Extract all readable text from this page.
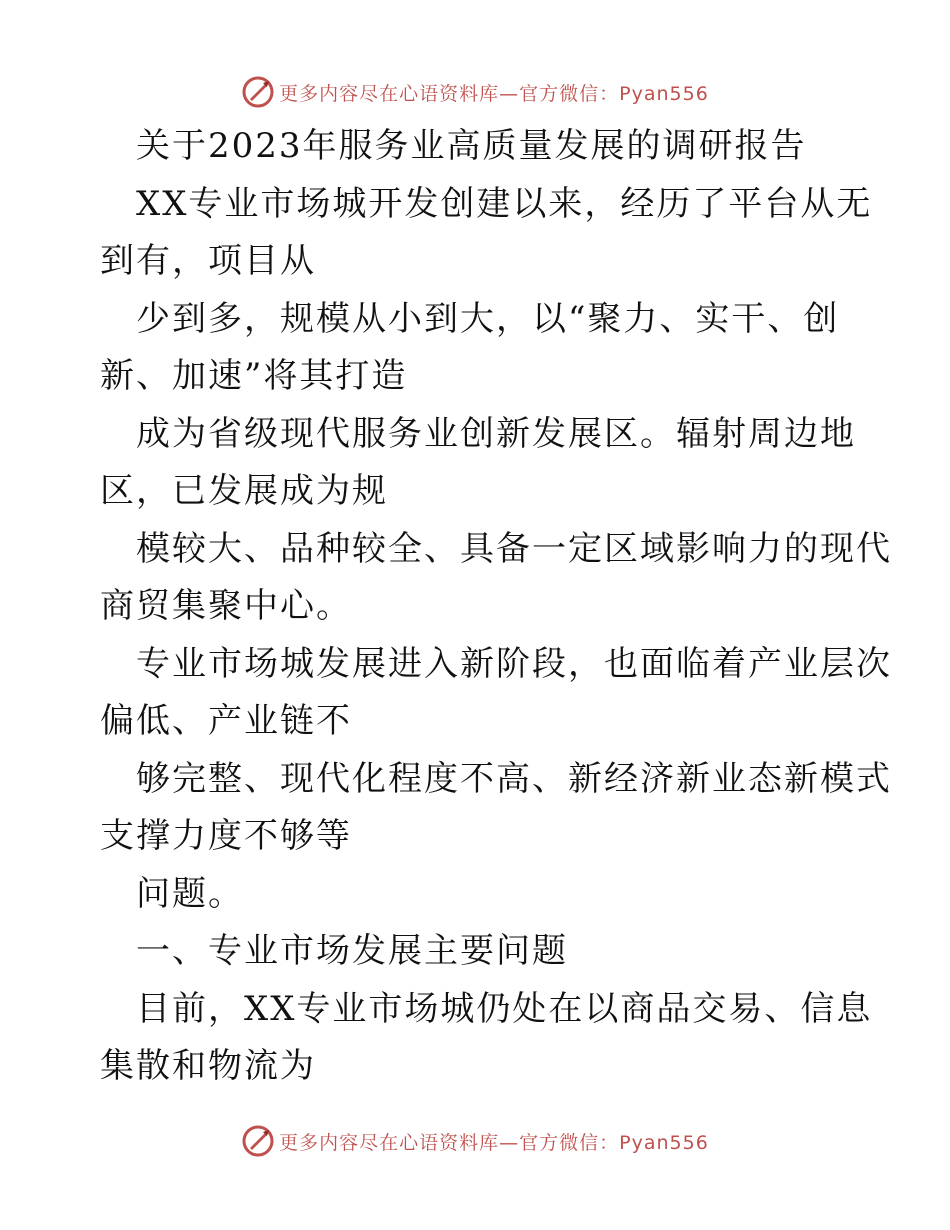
更多内容尽在心语资料库—官方微信：Pyan556

关于2023年服务业高质量发展的调研报告

XX专业市场城开发创建以来，经历了平台从无

到有，项目从

少到多，规模从小到大，以“聚力、实干、创

新、加速”将其打造

成为省级现代服务业创新发展区。辐射周边地

区，已发展成为规

模较大、品种较全、具备一定区域影响力的现代

商贸集聚中心。

专业市场城发展进入新阶段，也面临着产业层次

偏低、产业链不

够完整、现代化程度不高、新经济新业态新模式

支撑力度不够等

问题。

一、专业市场发展主要问题

目前，XX专业市场城仍处在以商品交易、信息

集散和物流为

更多内容尽在心语资料库—官方微信：Pyan556
